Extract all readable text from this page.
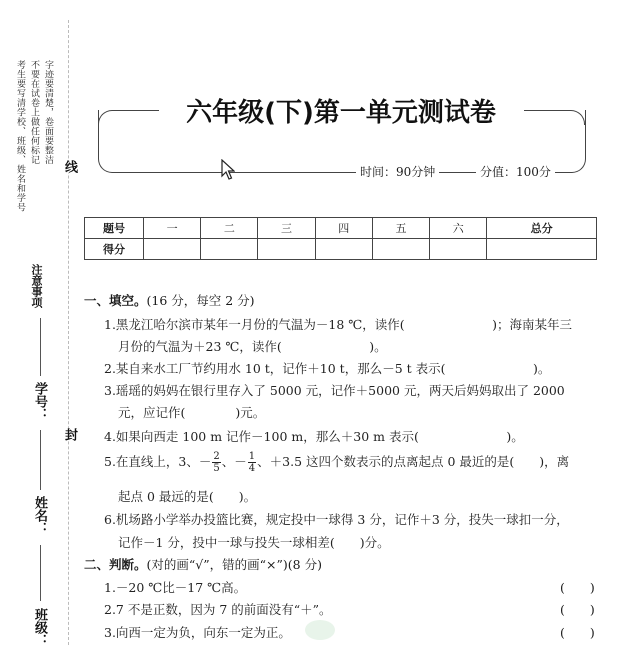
考生要写清学校、班级、姓名和学号 不要在试卷上做任何标记 字迹要清楚，卷面要整洁
注意事项
学号：
姓名：
班级：
线
封
六年级(下)第一单元测试卷
时间：90分钟	分值：100分
题号	一	二	三	四	五	六	总分
得分							
一、填空。(16 分，每空 2 分)
1.黑龙江哈尔滨市某年一月份的气温为－18 ℃，读作(　　　　　　　)；海南某年三
月份的气温为＋23 ℃，读作(　　　　　　　)。
2.某自来水工厂节约用水 10 t，记作＋10 t，那么－5 t 表示(　　　　　　　)。
3.瑶瑶的妈妈在银行里存入了 5000 元，记作＋5000 元，两天后妈妈取出了 2000
元，应记作(　　　　)元。
4.如果向西走 100 m 记作－100 m，那么＋30 m 表示(　　　　　　　)。
5.在直线上，3、－ $\frac{2}{5}$ 、－ $\frac{1}{4}$ 、＋3.5 这四个数表示的点离起点 0 最近的是(　　)，离
起点 0 最远的是(　　)。
6.机场路小学举办投篮比赛，规定投中一球得 3 分，记作＋3 分，投失一球扣一分，
记作－1 分，投中一球与投失一球相差(　　)分。
二、判断。(对的画“√”，错的画“×”)(8 分)
1.－20 ℃比－17 ℃高。	(　　)
2.7 不是正数，因为 7 的前面没有“＋”。	(　　)
3.向西一定为负，向东一定为正。	(　　)
